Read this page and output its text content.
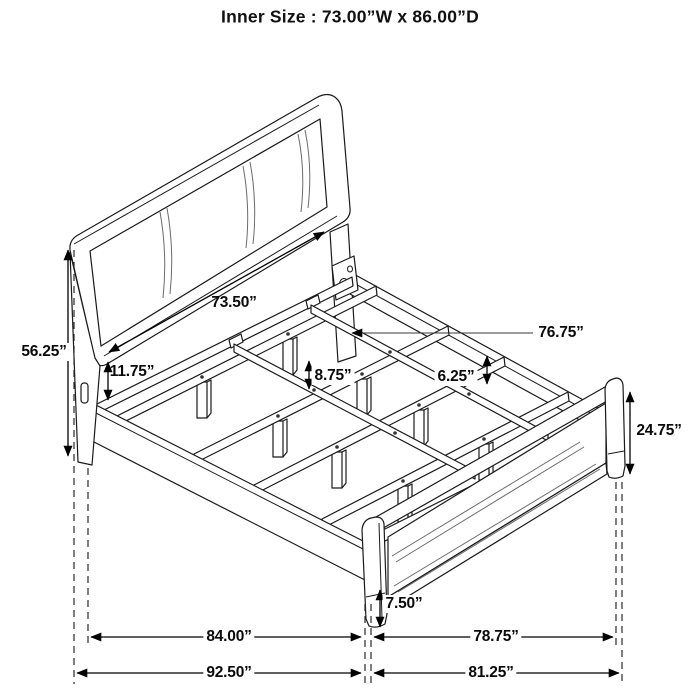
Inner Size : 73.00”W x 86.00”D
73.50”
76.75”
56.25”
11.75”	8.75”	6.25”
24.75”
7.50”
84.00”	78.75”
92.50”	81.25”
